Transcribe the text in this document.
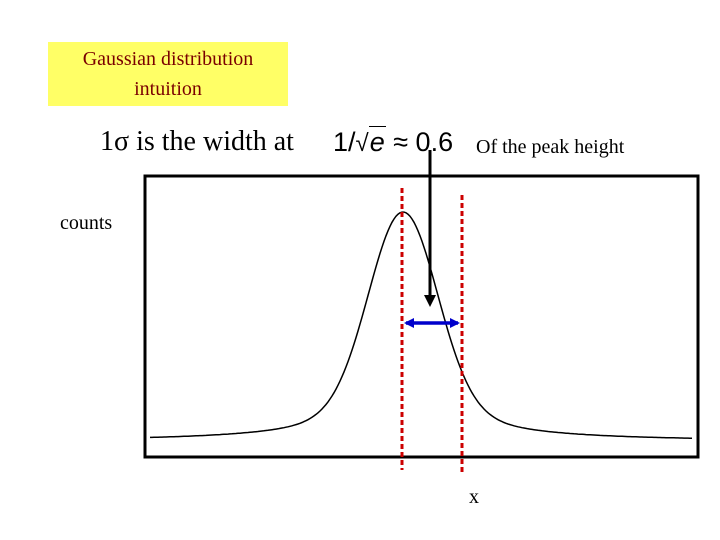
Gaussian distribution
intuition
1σ is the width at 1/√e ≈ 0.6 Of the peak height
counts
x
